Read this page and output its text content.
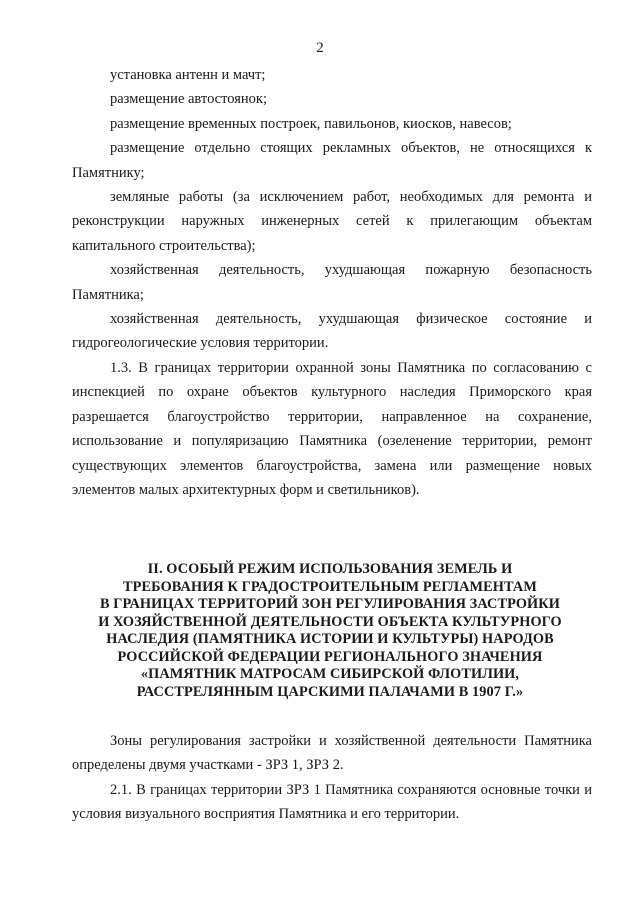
2

установка антенн и мачт;

размещение автостоянок;

размещение временных построек, павильонов, киосков, навесов;

размещение отдельно стоящих рекламных объектов, не относящихся к Памятнику;

земляные работы (за исключением работ, необходимых для ремонта и реконструкции наружных инженерных сетей к прилегающим объектам капитального строительства);

хозяйственная деятельность, ухудшающая пожарную безопасность Памятника;

хозяйственная деятельность, ухудшающая физическое состояние и гидрогеологические условия территории.

1.3. В границах территории охранной зоны Памятника по согласованию с инспекцией по охране объектов культурного наследия Приморского края разрешается благоустройство территории, направленное на сохранение, использование и популяризацию Памятника (озеленение территории, ремонт существующих элементов благоустройства, замена или размещение новых элементов малых архитектурных форм и светильников).

II. ОСОБЫЙ РЕЖИМ ИСПОЛЬЗОВАНИЯ ЗЕМЕЛЬ И
ТРЕБОВАНИЯ К ГРАДОСТРОИТЕЛЬНЫМ РЕГЛАМЕНТАМ
В ГРАНИЦАХ ТЕРРИТОРИЙ ЗОН РЕГУЛИРОВАНИЯ ЗАСТРОЙКИ
И ХОЗЯЙСТВЕННОЙ ДЕЯТЕЛЬНОСТИ ОБЪЕКТА КУЛЬТУРНОГО
НАСЛЕДИЯ (ПАМЯТНИКА ИСТОРИИ И КУЛЬТУРЫ) НАРОДОВ
РОССИЙСКОЙ ФЕДЕРАЦИИ РЕГИОНАЛЬНОГО ЗНАЧЕНИЯ
«ПАМЯТНИК МАТРОСАМ СИБИРСКОЙ ФЛОТИЛИИ,
РАССТРЕЛЯННЫМ ЦАРСКИМИ ПАЛАЧАМИ В 1907 Г.»

Зоны регулирования застройки и хозяйственной деятельности Памятника определены двумя участками - ЗРЗ 1, ЗРЗ 2.

2.1. В границах территории ЗРЗ 1 Памятника сохраняются основные точки и условия визуального восприятия Памятника и его территории.
